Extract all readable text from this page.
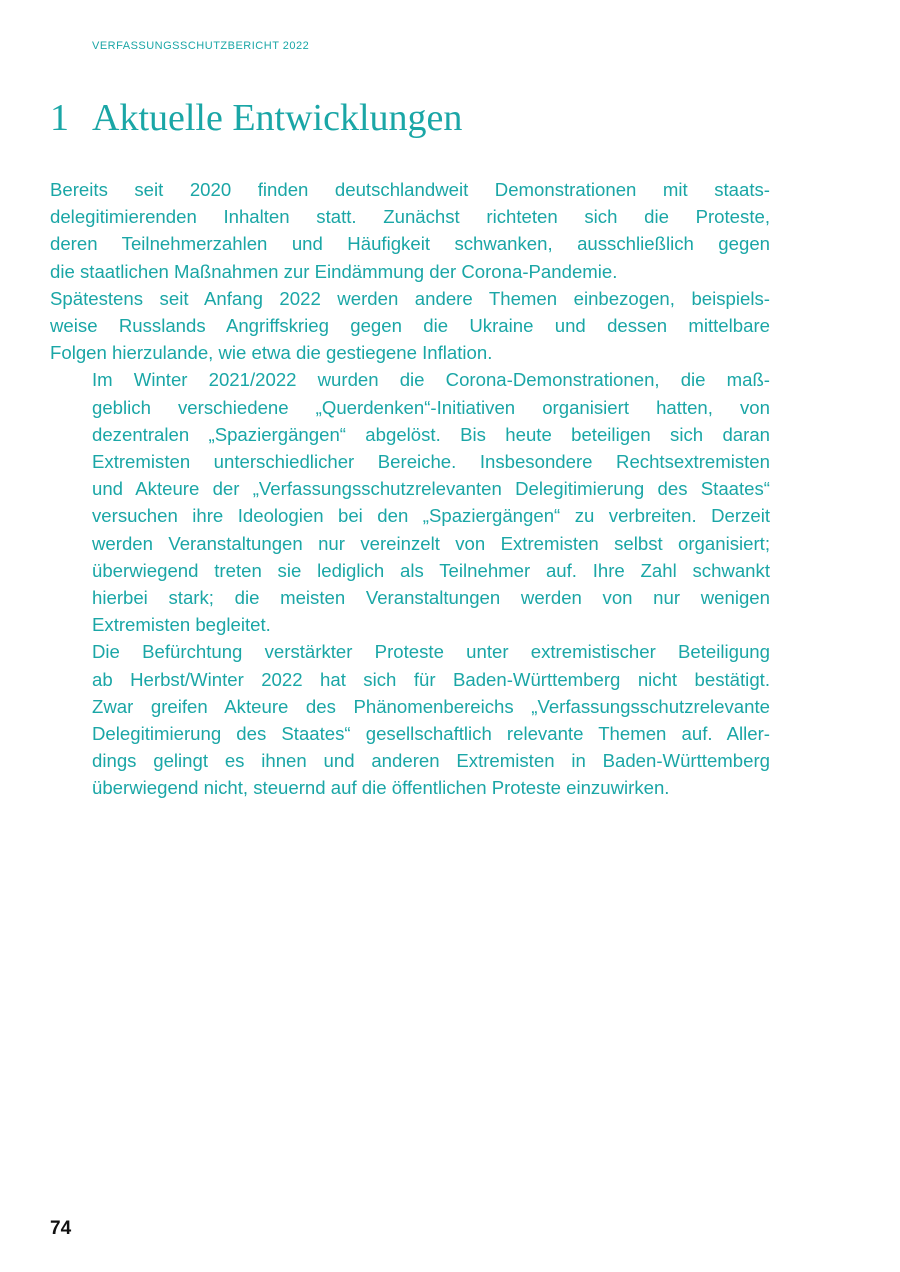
VERFASSUNGSSCHUTZBERICHT 2022

1 Aktuelle Entwicklungen

Bereits seit 2020 finden deutschlandweit Demonstrationen mit staats-
delegitimierenden Inhalten statt. Zunächst richteten sich die Proteste,
deren Teilnehmerzahlen und Häufigkeit schwanken, ausschließlich gegen
die staatlichen Maßnahmen zur Eindämmung der Corona-Pandemie.
Spätestens seit Anfang 2022 werden andere Themen einbezogen, beispiels-
weise Russlands Angriffskrieg gegen die Ukraine und dessen mittelbare
Folgen hierzulande, wie etwa die gestiegene Inflation.

Im Winter 2021/2022 wurden die Corona-Demonstrationen, die maß-
geblich verschiedene „Querdenken“-Initiativen organisiert hatten, von
dezentralen „Spaziergängen“ abgelöst. Bis heute beteiligen sich daran
Extremisten unterschiedlicher Bereiche. Insbesondere Rechtsextremisten
und Akteure der „Verfassungsschutzrelevanten Delegitimierung des Staates“
versuchen ihre Ideologien bei den „Spaziergängen“ zu verbreiten. Derzeit
werden Veranstaltungen nur vereinzelt von Extremisten selbst organisiert;
überwiegend treten sie lediglich als Teilnehmer auf. Ihre Zahl schwankt
hierbei stark; die meisten Veranstaltungen werden von nur wenigen
Extremisten begleitet.

Die Befürchtung verstärkter Proteste unter extremistischer Beteiligung
ab Herbst/Winter 2022 hat sich für Baden-Württemberg nicht bestätigt.
Zwar greifen Akteure des Phänomenbereichs „Verfassungsschutzrelevante
Delegitimierung des Staates“ gesellschaftlich relevante Themen auf. Aller-
dings gelingt es ihnen und anderen Extremisten in Baden-Württemberg
überwiegend nicht, steuernd auf die öffentlichen Proteste einzuwirken.

74
